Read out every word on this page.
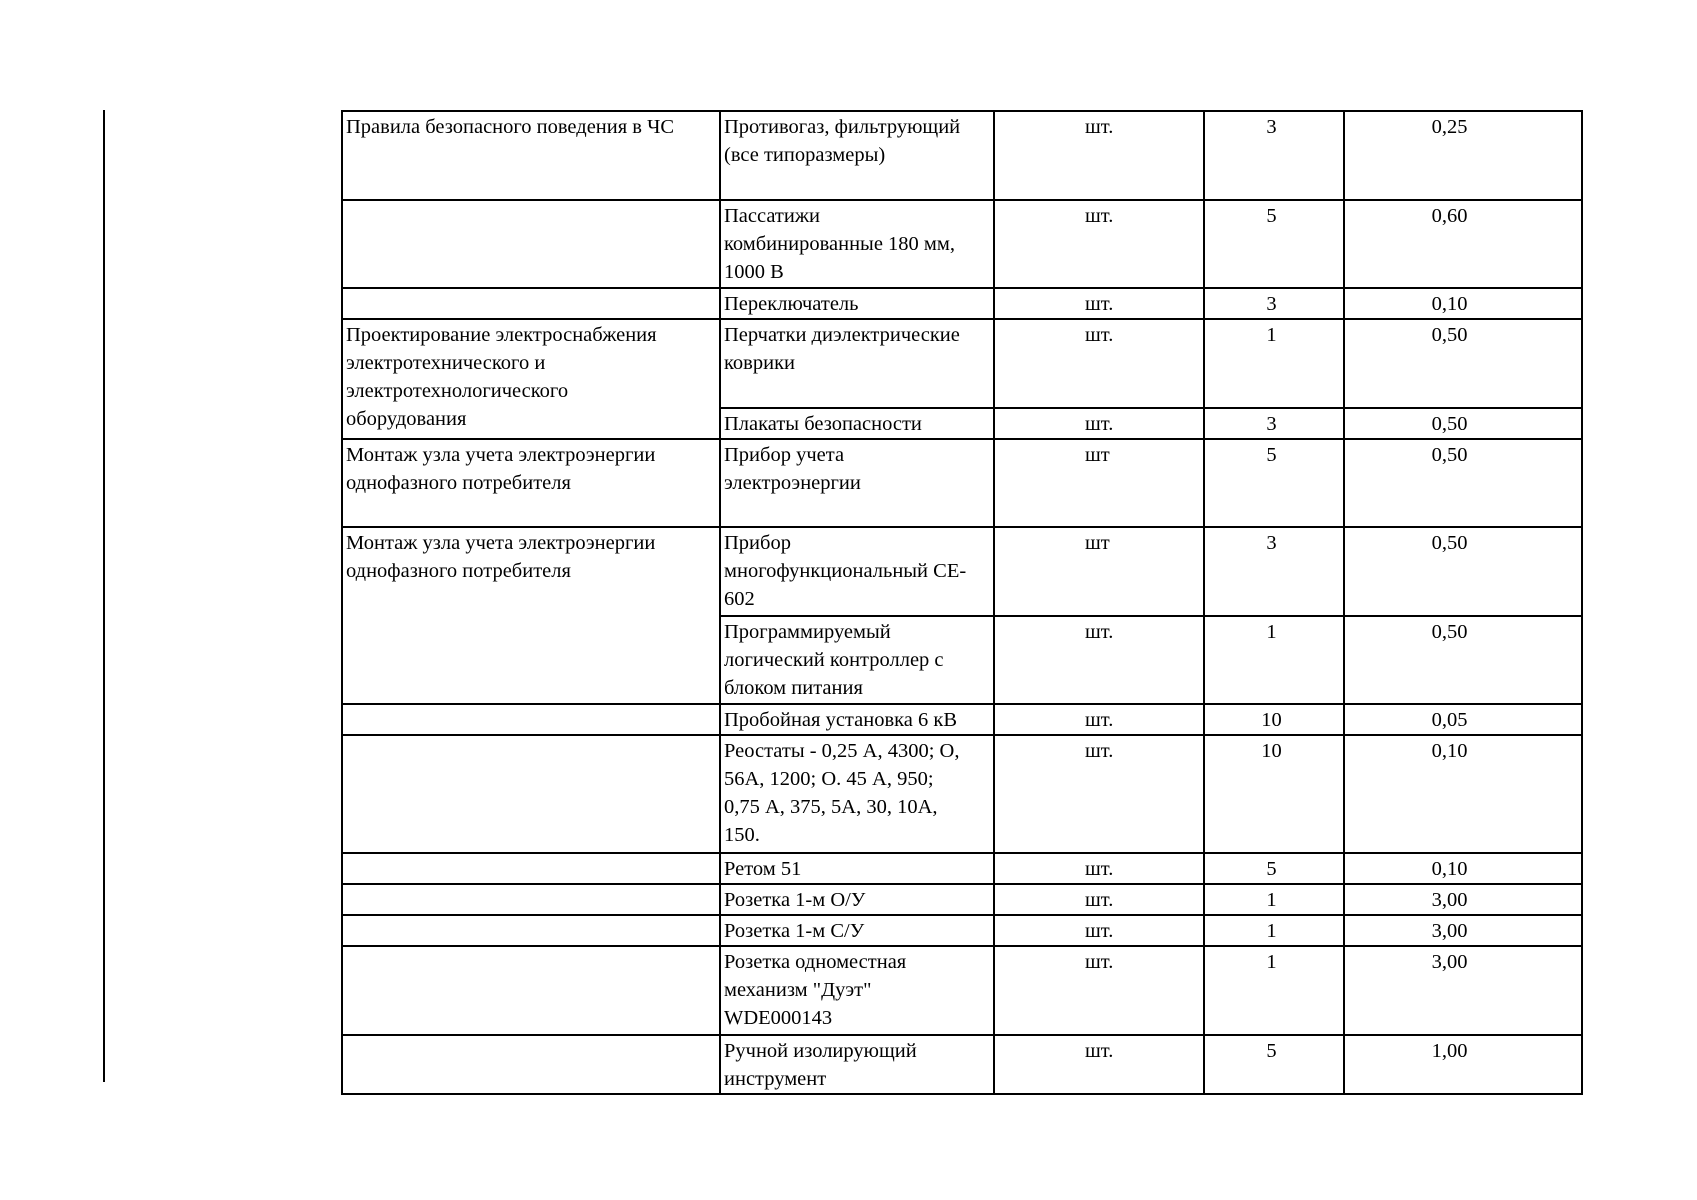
Правила безопасного поведения в ЧС	Противогаз, фильтрующий
(все типоразмеры)	шт.	3	0,25
	Пассатижи
комбинированные 180 мм,
1000 В	шт.	5	0,60
	Переключатель	шт.	3	0,10
Проектирование электроснабжения
электротехнического и
электротехнологического
оборудования	Перчатки диэлектрические
коврики	шт.	1	0,50
	Плакаты безопасности	шт.	3	0,50
Монтаж узла учета электроэнергии
однофазного потребителя	Прибор учета
электроэнергии	шт	5	0,50
Монтаж узла учета электроэнергии
однофазного потребителя	Прибор
многофункциональный СЕ-
602	шт	3	0,50
	Программируемый
логический контроллер с
блоком питания	шт.	1	0,50
	Пробойная установка 6 кВ	шт.	10	0,05
	Реостаты - 0,25 А, 4300; О,
56А, 1200; О. 45 А, 950;
0,75 А, 375, 5А, 30, 10А,
150.	шт.	10	0,10
	Ретом 51	шт.	5	0,10
	Розетка 1-м О/У	шт.	1	3,00
	Розетка 1-м С/У	шт.	1	3,00
	Розетка одноместная
механизм "Дуэт"
WDE000143	шт.	1	3,00
	Ручной изолирующий
инструмент	шт.	5	1,00
